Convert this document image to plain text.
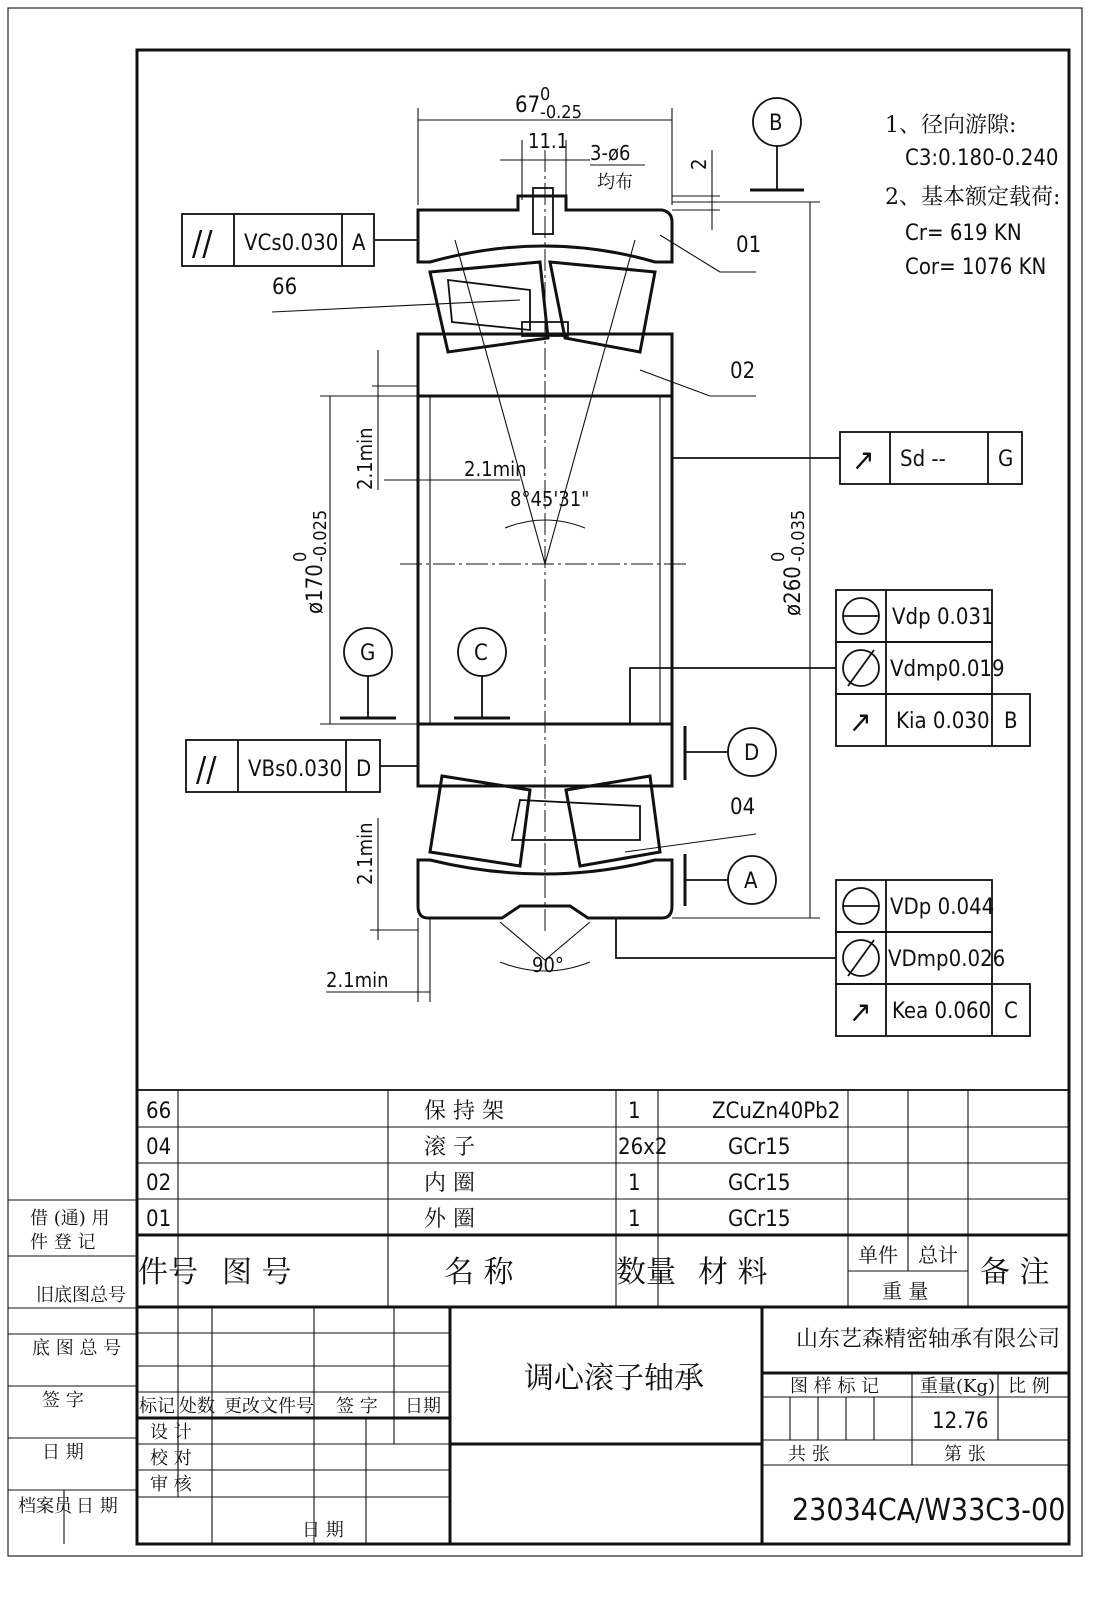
67 0
-0.25
11.1 3-ø6
均布
2
ø170
0 -0.025
ø260
0 -0.035
2.1min	2.1min
2.1min
2.1min
8°45'31"
90°
1、径向游隙:
C3:0.180-0.240
2、基本额定载荷:
Cr= 619 KN
Cor= 1076 KN
B
G	C
D
A
66
01
02
04
// VCs0.030 A
// VBs0.030 D
↗ Sd -- G
↗
Vdp 0.031
Vdmp0.019
Kia 0.030 B
↗
VDp 0.044
VDmp0.026
Kea 0.060 C
66	保 持 架	1	ZCuZn40Pb2
04	滚 子	26x2	GCr15
02	内 圈	1	GCr15
01	外 圈	1	GCr15
件号 图 号	名 称	数量 材 料	单件 总计
重 量
备 注
借 (通) 用
件 登 记
旧底图总号
底 图 总 号
签 字
日 期
档案员 日 期
标记 处数 更改文件号 签 字 日期
设 计
校 对
审 核
日 期
调心滚子轴承
山东艺森精密轴承有限公司
图 样 标 记 重量(Kg) 比 例
12.76
共 张	第 张
23034CA/W33C3-00
